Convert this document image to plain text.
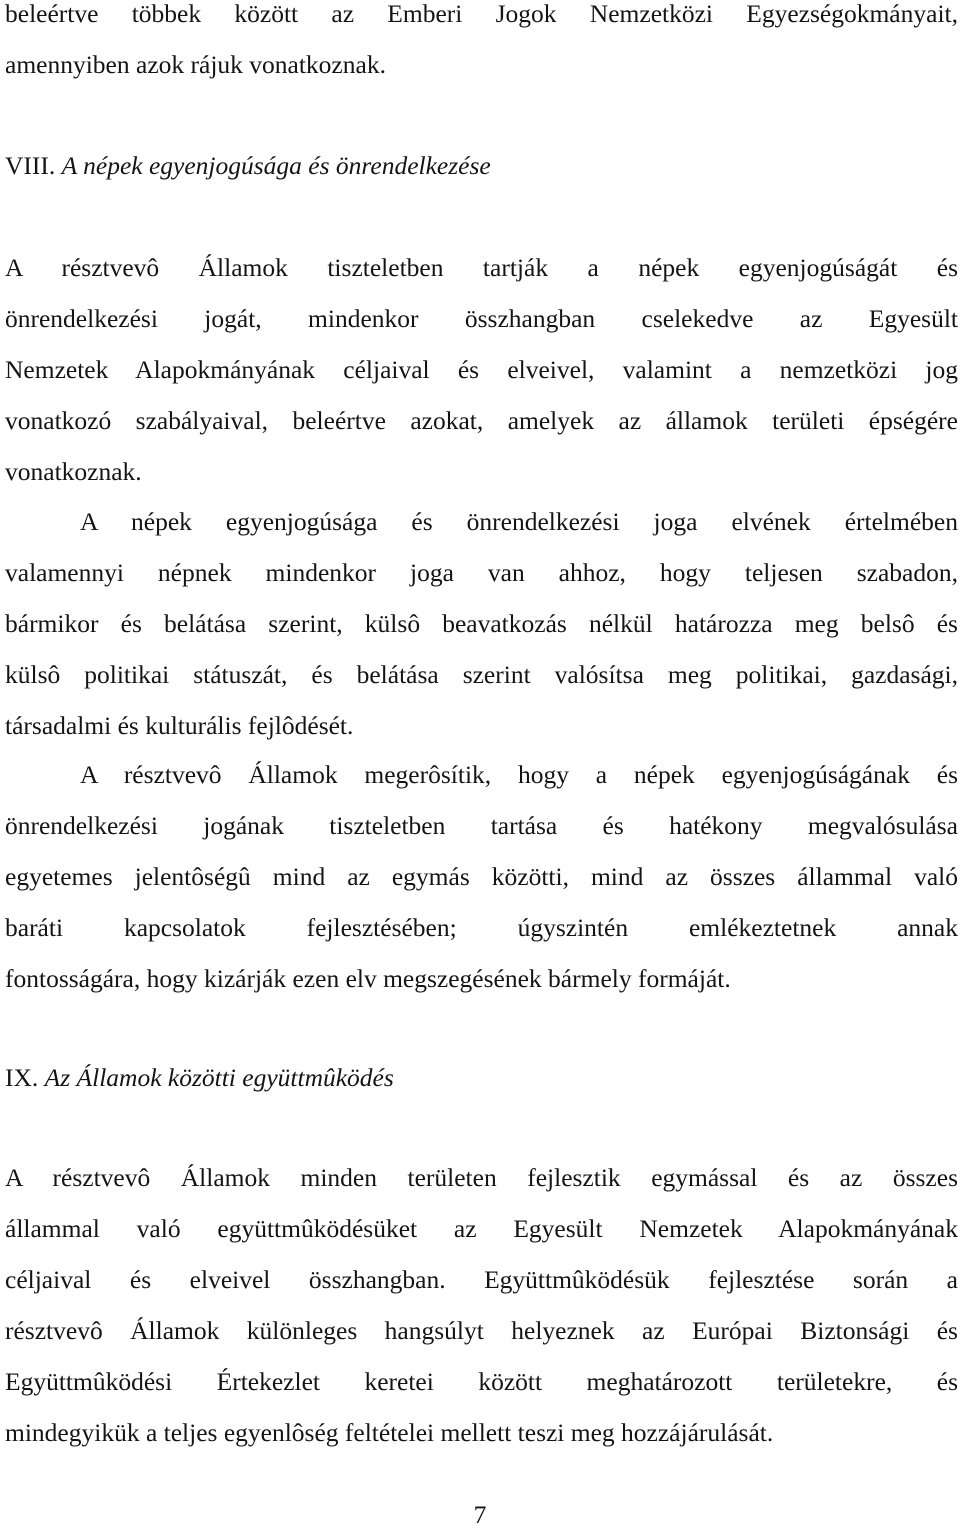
beleértve többek között az Emberi Jogok Nemzetközi Egyezségokmányait,
amennyiben azok rájuk vonatkoznak.
VIII. A népek egyenjogúsága és önrendelkezése
A résztvevô Államok tiszteletben tartják a népek egyenjogúságát és
önrendelkezési jogát, mindenkor összhangban cselekedve az Egyesült
Nemzetek Alapokmányának céljaival és elveivel, valamint a nemzetközi jog
vonatkozó szabályaival, beleértve azokat, amelyek az államok területi épségére
vonatkoznak.
A népek egyenjogúsága és önrendelkezési joga elvének értelmében
valamennyi népnek mindenkor joga van ahhoz, hogy teljesen szabadon,
bármikor és belátása szerint, külsô beavatkozás nélkül határozza meg belsô és
külsô politikai státuszát, és belátása szerint valósítsa meg politikai, gazdasági,
társadalmi és kulturális fejlôdését.
A résztvevô Államok megerôsítik, hogy a népek egyenjogúságának és
önrendelkezési jogának tiszteletben tartása és hatékony megvalósulása
egyetemes jelentôségû mind az egymás közötti, mind az összes állammal való
baráti kapcsolatok fejlesztésében; úgyszintén emlékeztetnek annak
fontosságára, hogy kizárják ezen elv megszegésének bármely formáját.
IX. Az Államok közötti együttmûködés
A résztvevô Államok minden területen fejlesztik egymással és az összes
állammal való együttmûködésüket az Egyesült Nemzetek Alapokmányának
céljaival és elveivel összhangban. Együttmûködésük fejlesztése során a
résztvevô Államok különleges hangsúlyt helyeznek az Európai Biztonsági és
Együttmûködési Értekezlet keretei között meghatározott területekre, és
mindegyikük a teljes egyenlôség feltételei mellett teszi meg hozzájárulását.
7
